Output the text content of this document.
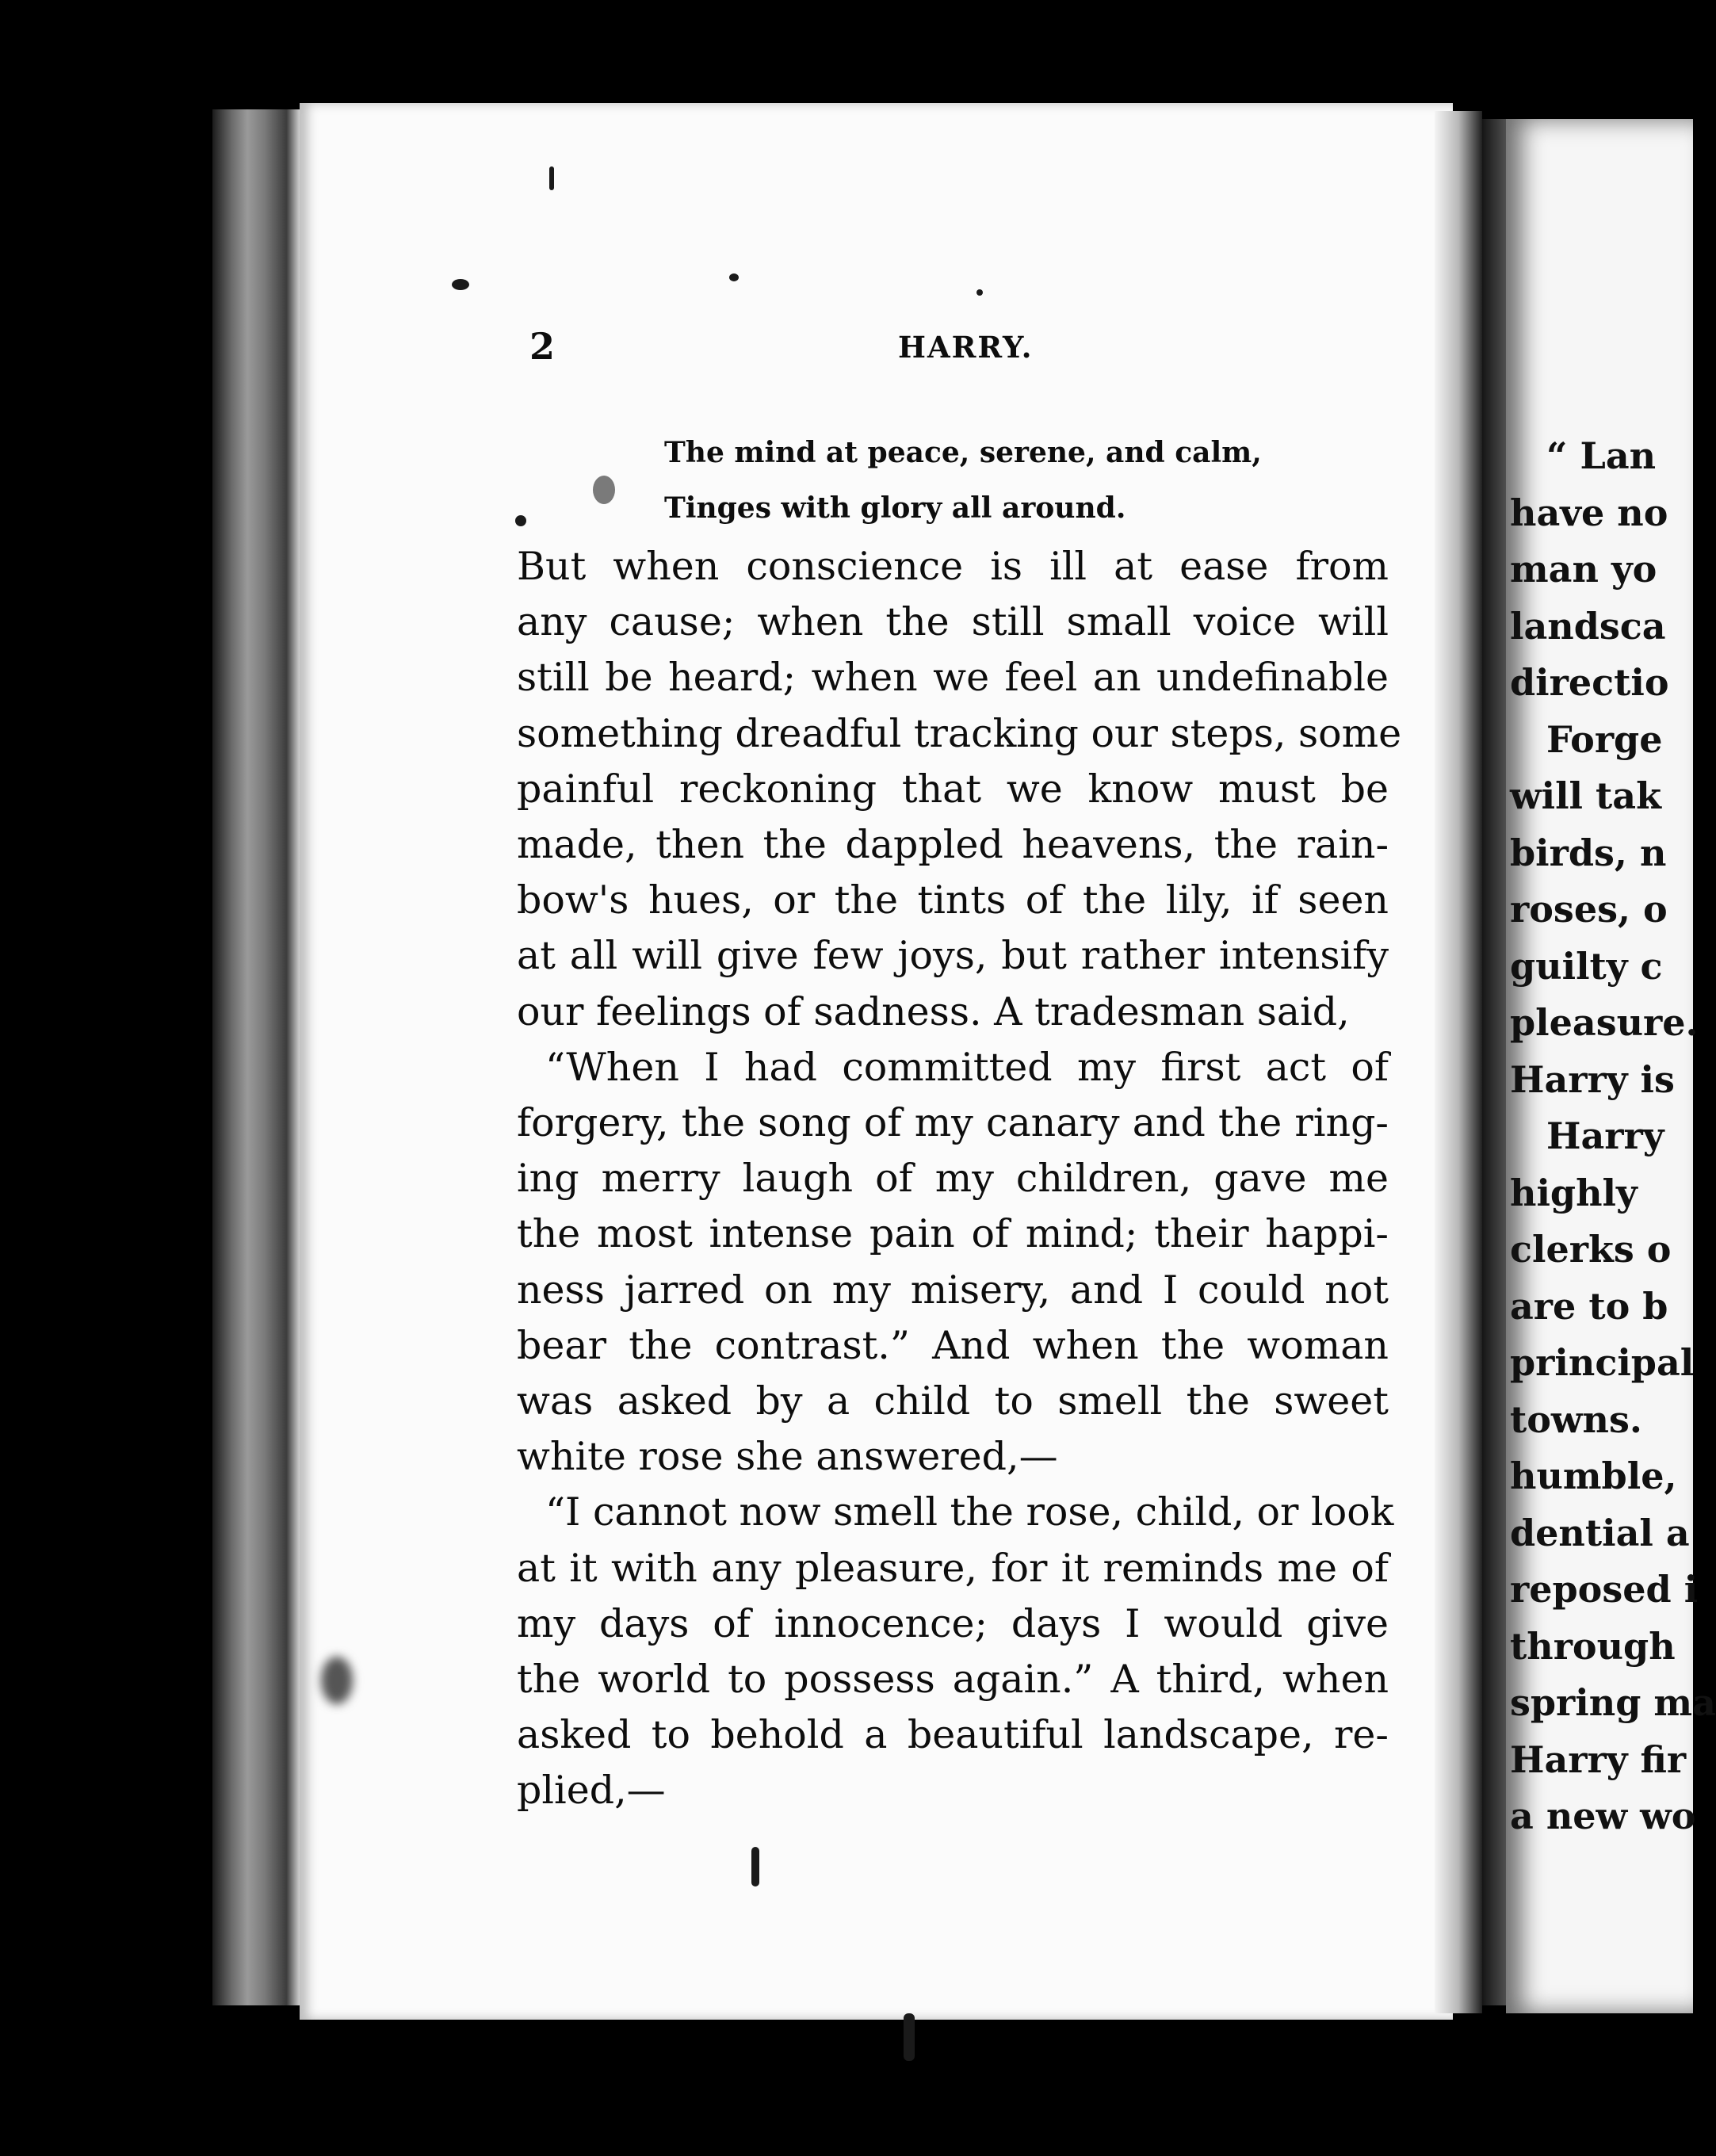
2	HARRY.
The mind at peace, serene, and calm,
Tinges with glory all around.

But when conscience is ill at ease from
any cause; when the still small voice will
still be heard; when we feel an undefinable
something dreadful tracking our steps, some
painful reckoning that we know must be
made, then the dappled heavens, the rain-
bow's hues, or the tints of the lily, if seen
at all will give few joys, but rather intensify
our feelings of sadness. A tradesman said,

“When I had committed my first act of
forgery, the song of my canary and the ring-
ing merry laugh of my children, gave me
the most intense pain of mind; their happi-
ness jarred on my misery, and I could not
bear the contrast.” And when the woman
was asked by a child to smell the sweet
white rose she answered,—

“I cannot now smell the rose, child, or look
at it with any pleasure, for it reminds me of
my days of innocence; days I would give
the world to possess again.” A third, when
asked to behold a beautiful landscape, re-
plied,—

“ Lan
have no
man yo
landsca
directio
Forge
will tak
birds, n
roses, o
guilty c
pleasure.
Harry is
Harry
highly
clerks o
are to b
principal
towns.
humble,
dential a
reposed i
through
spring ma
Harry fir
a new wo
